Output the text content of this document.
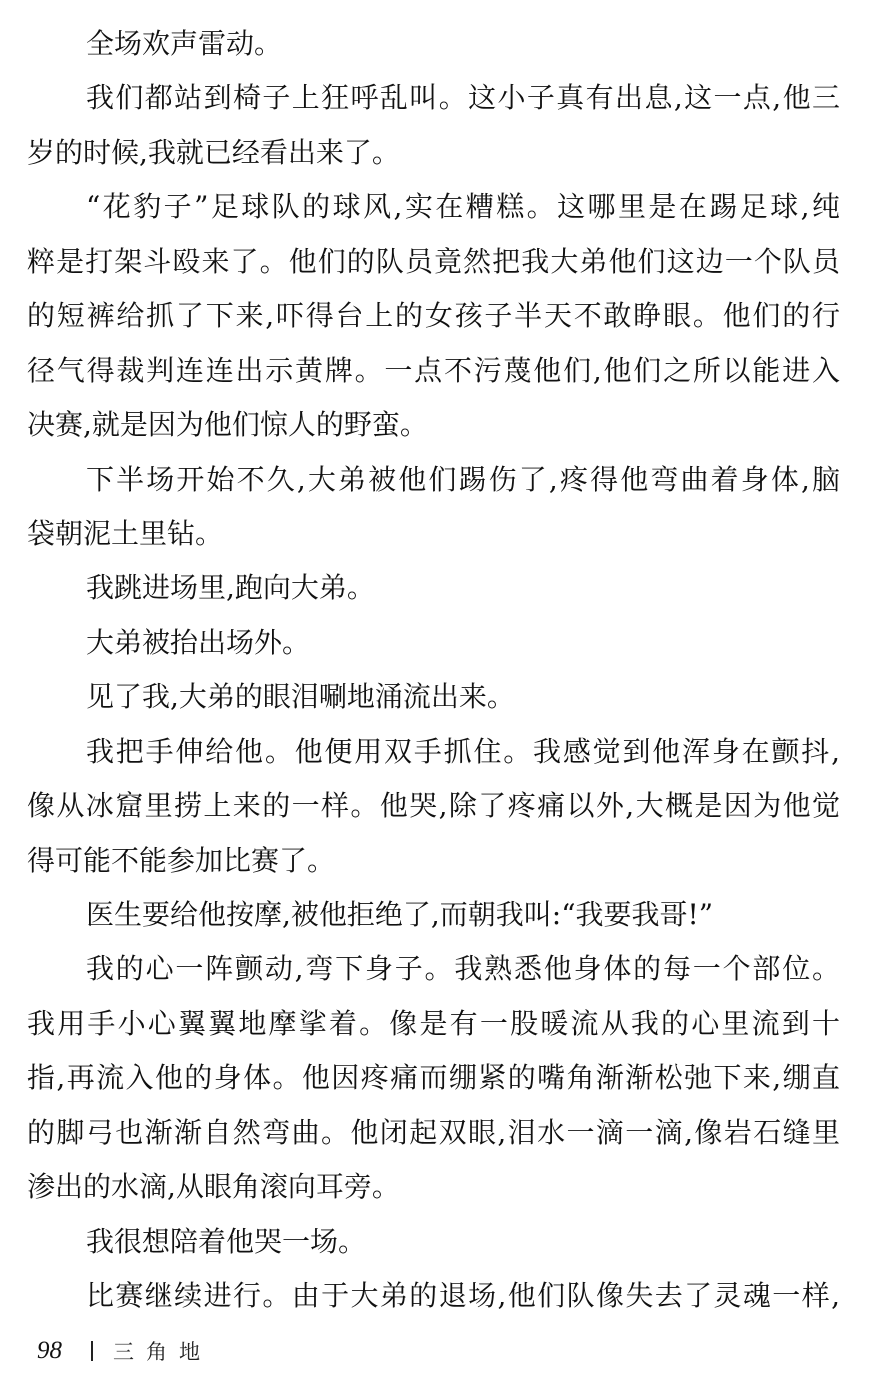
全场欢声雷动。
我们都站到椅子上狂呼乱叫。这小子真有出息,这一点,他三
岁的时候,我就已经看出来了。
“花豹子”足球队的球风,实在糟糕。这哪里是在踢足球,纯
粹是打架斗殴来了。他们的队员竟然把我大弟他们这边一个队员
的短裤给抓了下来,吓得台上的女孩子半天不敢睁眼。他们的行
径气得裁判连连出示黄牌。一点不污蔑他们,他们之所以能进入
决赛,就是因为他们惊人的野蛮。
下半场开始不久,大弟被他们踢伤了,疼得他弯曲着身体,脑
袋朝泥土里钻。
我跳进场里,跑向大弟。
大弟被抬出场外。
见了我,大弟的眼泪唰地涌流出来。
我把手伸给他。他便用双手抓住。我感觉到他浑身在颤抖,
像从冰窟里捞上来的一样。他哭,除了疼痛以外,大概是因为他觉
得可能不能参加比赛了。
医生要给他按摩,被他拒绝了,而朝我叫:“我要我哥!”
我的心一阵颤动,弯下身子。我熟悉他身体的每一个部位。
我用手小心翼翼地摩挲着。像是有一股暖流从我的心里流到十
指,再流入他的身体。他因疼痛而绷紧的嘴角渐渐松弛下来,绷直
的脚弓也渐渐自然弯曲。他闭起双眼,泪水一滴一滴,像岩石缝里
渗出的水滴,从眼角滚向耳旁。
我很想陪着他哭一场。
比赛继续进行。由于大弟的退场,他们队像失去了灵魂一样,
98	三角地
